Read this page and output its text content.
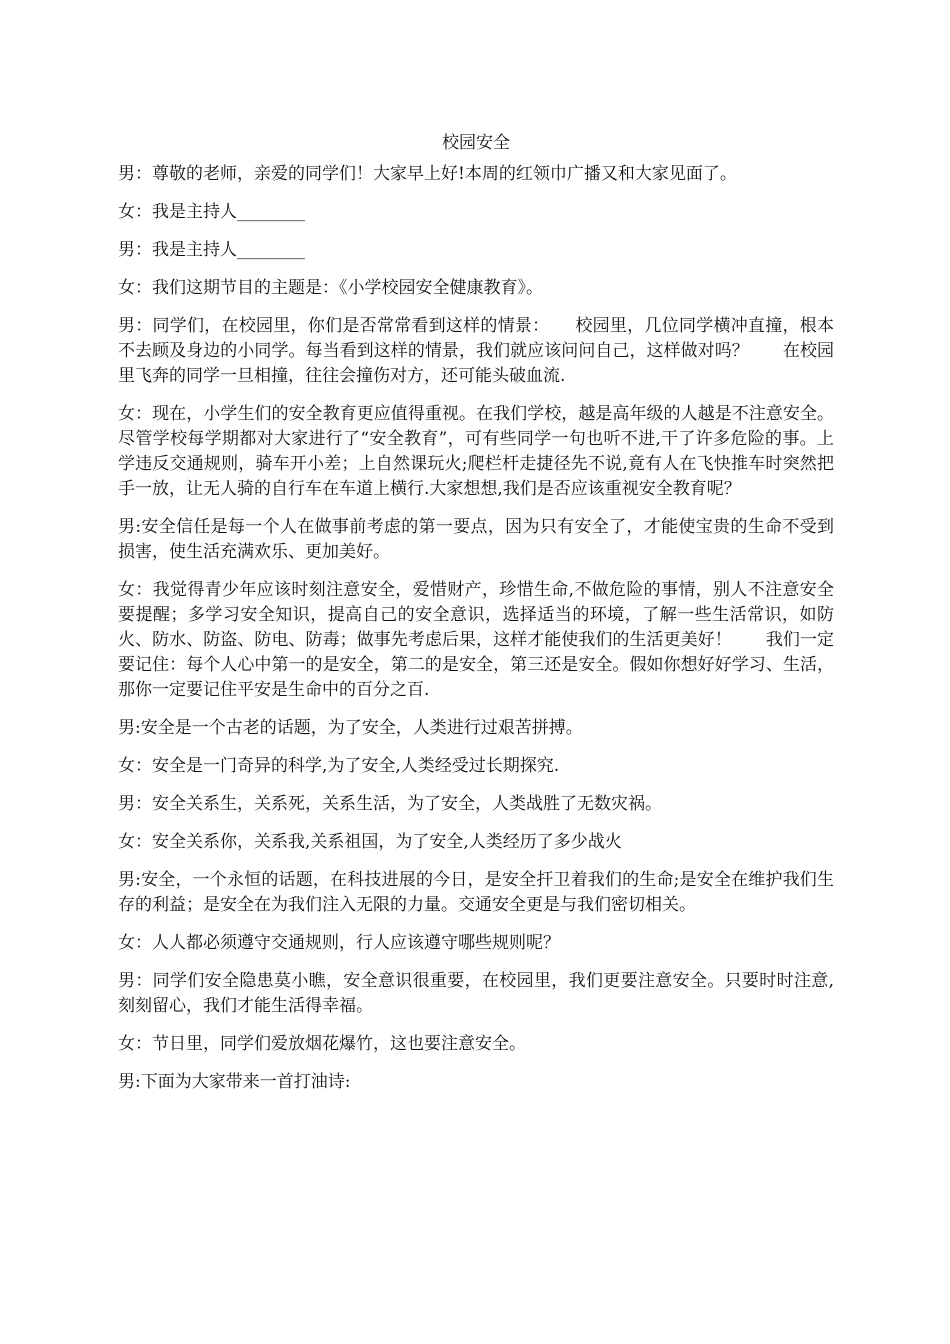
校园安全

男：尊敬的老师，亲爱的同学们！大家早上好!本周的红领巾广播又和大家见面了。

女：我是主持人________

男：我是主持人________

女：我们这期节目的主题是：《小学校园安全健康教育》。

男：同学们，在校园里，你们是否常常看到这样的情景：　　校园里，几位同学横冲直撞，根本不去顾及身边的小同学。每当看到这样的情景，我们就应该问问自己，这样做对吗？　　在校园里飞奔的同学一旦相撞，往往会撞伤对方，还可能头破血流.

女：现在，小学生们的安全教育更应值得重视。在我们学校，越是高年级的人越是不注意安全。尽管学校每学期都对大家进行了“安全教育”，可有些同学一句也听不进,干了许多危险的事。上学违反交通规则，骑车开小差；上自然课玩火;爬栏杆走捷径先不说,竟有人在飞快推车时突然把手一放，让无人骑的自行车在车道上横行.大家想想,我们是否应该重视安全教育呢？

男:安全信任是每一个人在做事前考虑的第一要点，因为只有安全了，才能使宝贵的生命不受到损害，使生活充满欢乐、更加美好。

女：我觉得青少年应该时刻注意安全，爱惜财产，珍惜生命,不做危险的事情，别人不注意安全要提醒；多学习安全知识，提高自己的安全意识，选择适当的环境，了解一些生活常识，如防火、防水、防盗、防电、防毒；做事先考虑后果，这样才能使我们的生活更美好！　　我们一定要记住：每个人心中第一的是安全，第二的是安全，第三还是安全。假如你想好好学习、生活，那你一定要记住平安是生命中的百分之百.

男:安全是一个古老的话题，为了安全，人类进行过艰苦拼搏。

女：安全是一门奇异的科学,为了安全,人类经受过长期探究.

男：安全关系生，关系死，关系生活，为了安全，人类战胜了无数灾祸。

女：安全关系你，关系我,关系祖国，为了安全,人类经历了多少战火

男:安全，一个永恒的话题，在科技进展的今日，是安全扞卫着我们的生命;是安全在维护我们生存的利益；是安全在为我们注入无限的力量。交通安全更是与我们密切相关。

女：人人都必须遵守交通规则，行人应该遵守哪些规则呢？

男：同学们安全隐患莫小瞧，安全意识很重要，在校园里，我们更要注意安全。只要时时注意,刻刻留心，我们才能生活得幸福。

女：节日里，同学们爱放烟花爆竹，这也要注意安全。

男:下面为大家带来一首打油诗:
